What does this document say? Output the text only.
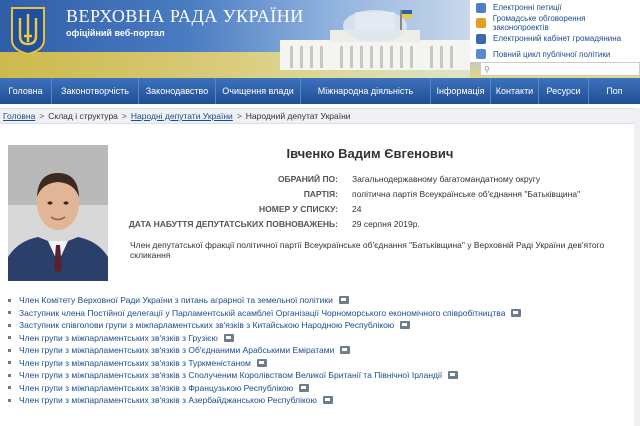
ВЕРХОВНА РАДА УКРАЇНИ
офіційний веб-портал
Електронні петиції
Громадське обговорення законопроектів
Електронний кабінет громадянина
Повний цикл публічної політики
⚲
Головна	Законотворчість	Законодавство	Очищення влади	Міжнародна діяльність	Інформація	Контакти	Ресурси	Поп
Головна > Склад і структура > Народні депутати України > Народний депутат України
Івченко Вадим Євгенович
ОБРАНИЙ ПО:	Загальнодержавному багатомандатному округу
ПАРТІЯ:	політична партія Всеукраїнське об'єднання "Батьківщина"
НОМЕР У СПИСКУ:	24
ДАТА НАБУТТЯ ДЕПУТАТСЬКИХ ПОВНОВАЖЕНЬ:	29 серпня 2019р.
Член депутатської фракції політичної партії Всеукраїнське об'єднання "Батьківщина" у Верховній Раді України дев'ятого скликання
Член Комітету Верховної Ради України з питань аграрної та земельної політики
Заступник члена Постійної делегації у Парламентській асамблеї Організації Чорноморського економічного співробітництва
Заступник співголови групи з міжпарламентських зв'язків з Китайською Народною Республікою
Член групи з міжпарламентських зв'язків з Грузією
Член групи з міжпарламентських зв'язків з Об'єднаними Арабськими Еміратами
Член групи з міжпарламентських зв'язків з Туркменістаном
Член групи з міжпарламентських зв'язків з Сполученим Королівством Великої Британії та Північної Ірландії
Член групи з міжпарламентських зв'язків з Французькою Республікою
Член групи з міжпарламентських зв'язків з Азербайджанською Республікою
